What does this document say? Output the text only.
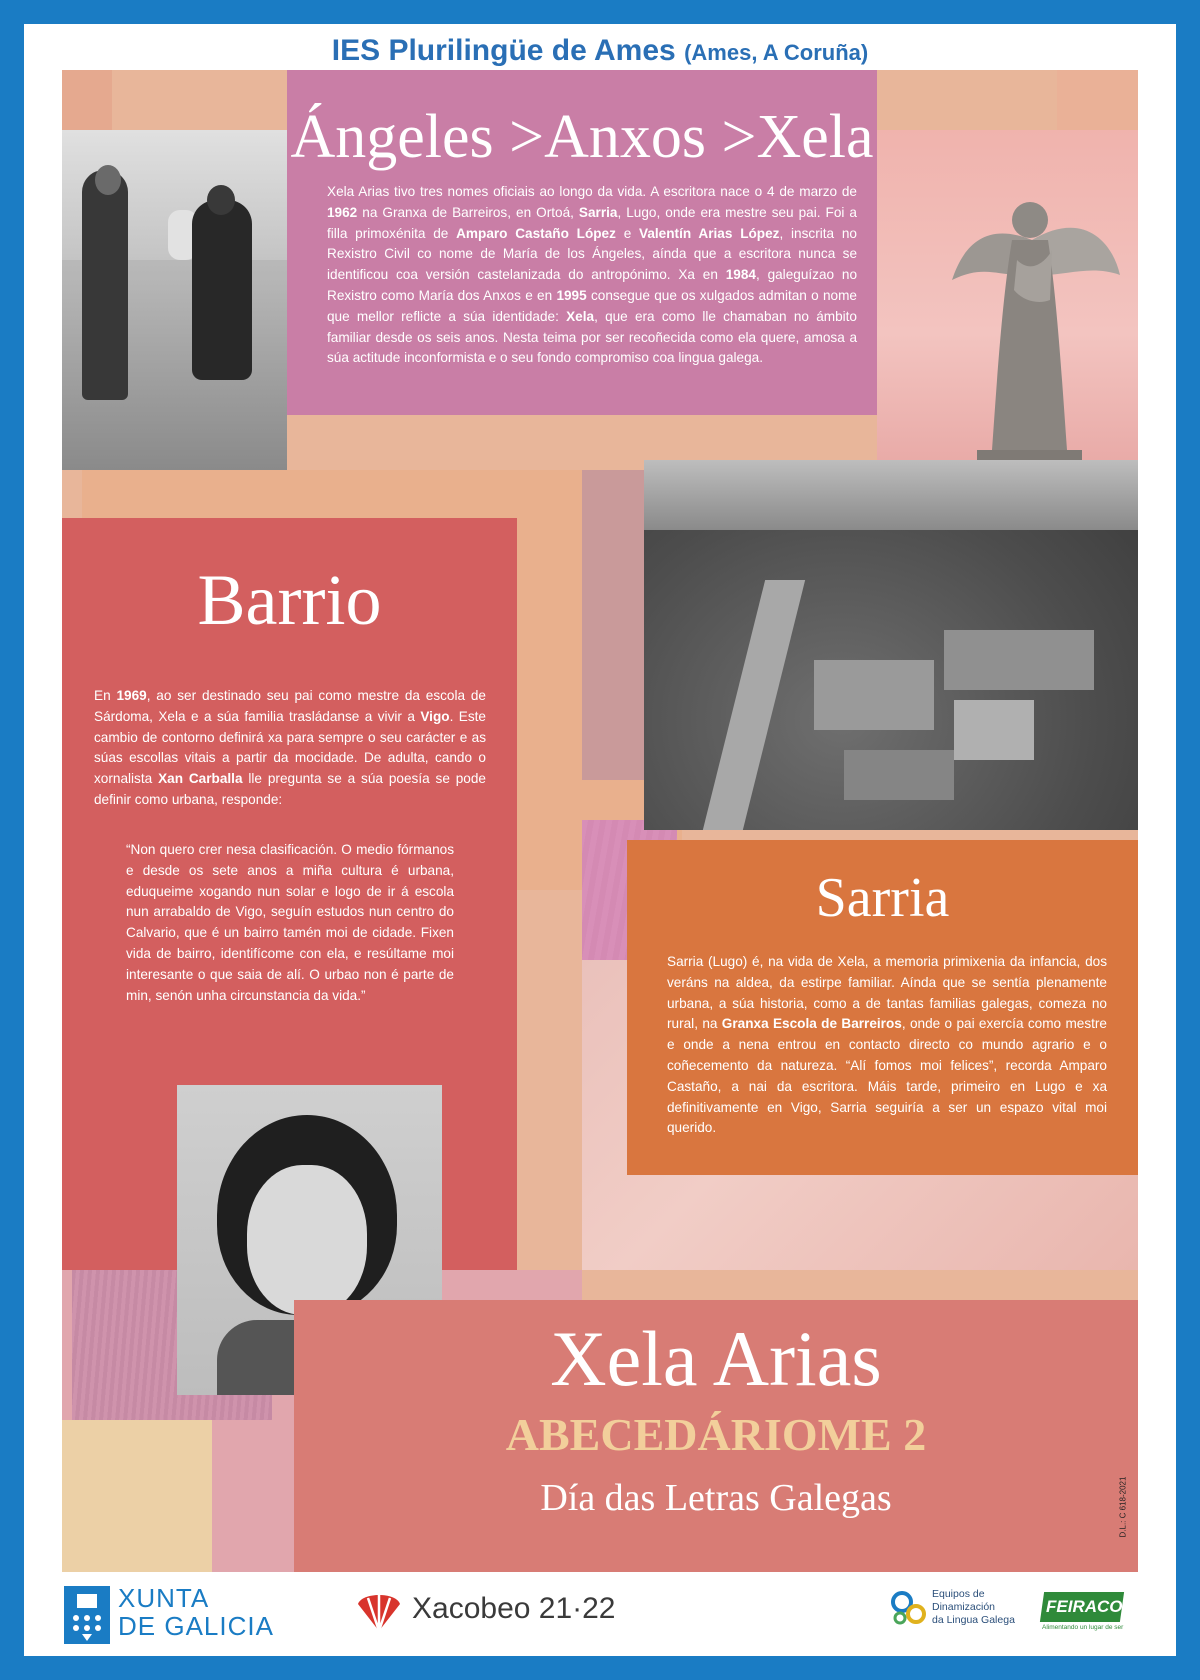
IES Plurilingüe de Ames (Ames, A Coruña)
Ángeles >Anxos >Xela
Xela Arias tivo tres nomes oficiais ao longo da vida. A escritora nace o 4 de marzo de 1962 na Granxa de Barreiros, en Ortoá, Sarria, Lugo, onde era mestre seu pai. Foi a filla primoxénita de Amparo Castaño López e Valentín Arias López, inscrita no Rexistro Civil co nome de María de los Ángeles, aínda que a escritora nunca se identificou coa versión castelanizada do antropónimo. Xa en 1984, galeguízao no Rexistro como María dos Anxos e en 1995 consegue que os xulgados admitan o nome que mellor reflicte a súa identidade: Xela, que era como lle chamaban no ámbito familiar desde os seis anos. Nesta teima por ser recoñecida como ela quere, amosa a súa actitude inconformista e o seu fondo compromiso coa lingua galega.
Barrio
En 1969, ao ser destinado seu pai como mestre da escola de Sárdoma, Xela e a súa familia trasládanse a vivir a Vigo. Este cambio de contorno definirá xa para sempre o seu carácter e as súas escollas vitais a partir da mocidade. De adulta, cando o xornalista Xan Carballa lle pregunta se a súa poesía se pode definir como urbana, responde:
“Non quero crer nesa clasificación. O medio fórmanos e desde os sete anos a miña cultura é urbana, eduqueime xogando nun solar e logo de ir á escola nun arrabaldo de Vigo, seguín estudos nun centro do Calvario, que é un bairro tamén moi de cidade. Fixen vida de bairro, identifícome con ela, e resúltame moi interesante o que saia de alí. O urbao non é parte de min, senón unha circunstancia da vida.”
Sarria
Sarria (Lugo) é, na vida de Xela, a memoria primixenia da infancia, dos veráns na aldea, da estirpe familiar. Aínda que se sentía plenamente urbana, a súa historia, como a de tantas familias galegas, comeza no rural, na Granxa Escola de Barreiros, onde o pai exercía como mestre e onde a nena entrou en contacto directo co mundo agrario e o coñecemento da natureza. “Alí fomos moi felices”, recorda Amparo Castaño, a nai da escritora. Máis tarde, primeiro en Lugo e xa definitivamente en Vigo, Sarria seguiría a ser un espazo vital moi querido.
Xela Arias
ABECEDÁRIOME 2
Día das Letras Galegas	D.L.: C 618-2021
XUNTA
DE GALICIA
Xacobeo 21·22	Equipos de
Dinamización
da Lingua Galega
FEIRACO
Alimentando un lugar de ser
